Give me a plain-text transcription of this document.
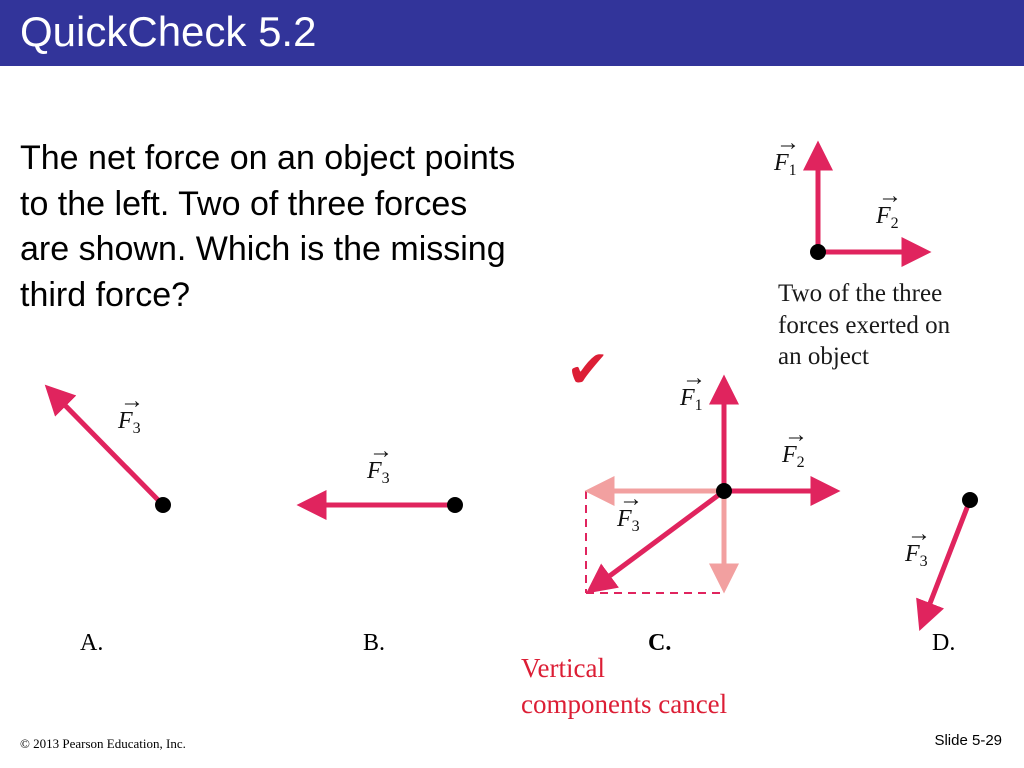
QuickCheck 5.2
The net force on an object points
to the left. Two of three forces
are shown. Which is the missing
third force?	Two of the three
forces exerted on
an object
$F_1$
→
$F_2$
→
$F_3$
→
$F_3$
→
$F_1$
→
$F_2$
→
$F_3$
→
$F_3$
→
✔
A.	B.	C.	D.
Vertical
components cancel
© 2013 Pearson Education, Inc.	Slide 5-29
